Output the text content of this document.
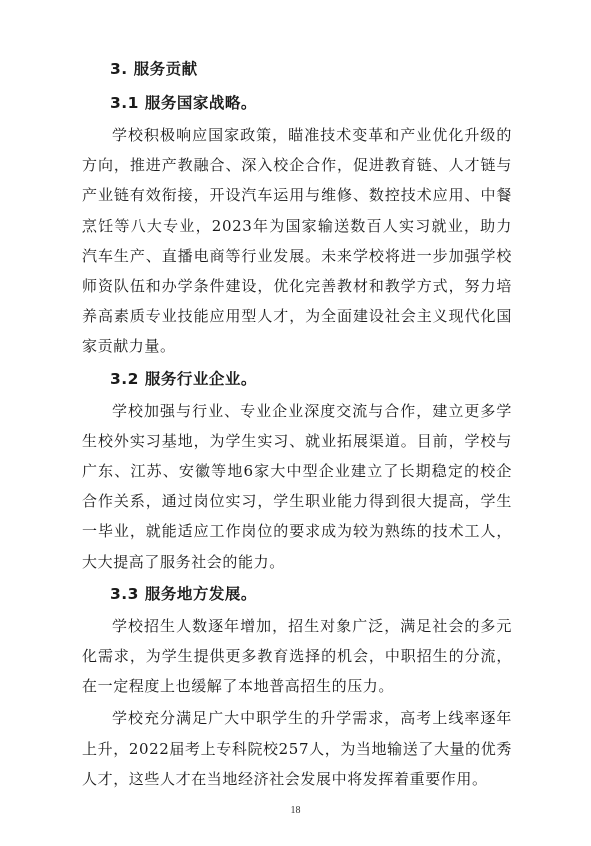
3. 服务贡献
3.1 服务国家战略。

学校积极响应国家政策，瞄准技术变革和产业优化升级的方向，推进产教融合、深入校企合作，促进教育链、人才链与产业链有效衔接，开设汽车运用与维修、数控技术应用、中餐烹饪等八大专业，2023年为国家输送数百人实习就业，助力汽车生产、直播电商等行业发展。未来学校将进一步加强学校师资队伍和办学条件建设，优化完善教材和教学方式，努力培养高素质专业技能应用型人才，为全面建设社会主义现代化国家贡献力量。

3.2 服务行业企业。

学校加强与行业、专业企业深度交流与合作，建立更多学生校外实习基地，为学生实习、就业拓展渠道。目前，学校与广东、江苏、安徽等地6家大中型企业建立了长期稳定的校企合作关系，通过岗位实习，学生职业能力得到很大提高，学生一毕业，就能适应工作岗位的要求成为较为熟练的技术工人，大大提高了服务社会的能力。

3.3 服务地方发展。

学校招生人数逐年增加，招生对象广泛，满足社会的多元化需求，为学生提供更多教育选择的机会，中职招生的分流，在一定程度上也缓解了本地普高招生的压力。

学校充分满足广大中职学生的升学需求，高考上线率逐年上升，2022届考上专科院校257人，为当地输送了大量的优秀人才，这些人才在当地经济社会发展中将发挥着重要作用。

18
